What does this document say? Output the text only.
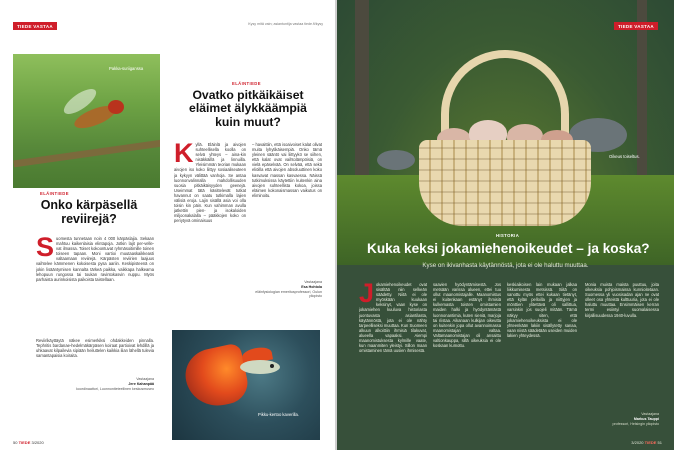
TIEDE VASTAA	Kysy mitä vain; asiantuntija vastaa tiede.fi/kysy
Pakka-suriiganssa
ELÄINTIEDE
Onko kärpäsellä reviirejä?
S uomesta tunnetaan noin 4 000 kärpäslajia. Sekaan mahtuu kaikenlaisia elintapoja. Jotkin lajit per-velle-vat ilmassa. Toiset kokoontuvat ryhmäsoitimille toinen toiseen tapaan. Moni vartioi muutaaskaikkeasti valtaamaan reviirejä. Kärpästen reviirien laajuus vaihtelee kämmenen kokoisesta pysa aariin. Keskipisteenä on jokin lisääntymisen kannalta tärkeä paikka, vaikkapa halkeama lehopuun rungossa tai toukan ravintokasvin nuppu. Myös parhaista aurinkoisista paikoista taistellaan.
Reviirikäyttäytä näkee esimerkiksi ohdakkeiden pinnalla. Tephritis bardanae-hedelmäkärpäsen koiraat partioivat lehdillä ja uhkaavat kilpailevia sipiään heiluttelen kaikkia ilian lähellä tulevia samantapaisia koiraita.
Vastaajana
Jere Kahanpää
koordinaattori, Luonnontieteellinen keskusmuseo
ELÄINTIEDE
Ovatko pitkäikäiset eläimet älykkäämpiä kuin muut?
K yllä. Eläinlä ja aivojen suhteellisella koolla on selvä yhteys – aina-kin nisäkkäillä ja linnuilla. Yleisimmän teorian mukaan aivojen iso koko liittyy sosiaaliseuteen ja kykyyn välittää vanhoja. Se antaa luonnonvalinnalla mahdollisuuden suosia pitkäikäisyyden geenejä. Useimmat tätä käsittelevät tutkat havannut on saatu tutkimalla lajien välisiä eroja. Lajin sisällä asia voi olla toisin kin päin. Kun vahimman avulla jatkettin pien- ja isokaloiden miljoonakalalla – pääkkojen koko on periytyvä ominaisuus
– havaittiin, että isoaivoiset kalat olivat muita lyhytikäisempiä. Onko tämä yleinen sääntö vai liittyykö se siihen, että kalat ovat vaihtolämpöisiä, on vielä epäselvää. On selvää, että sekä eliöilla että aivojen absoluuttinen koko kasvavat massan kasvaessa. Näissä tutkimuksissa käytettiin kuitenkin aina aivojen suhteellista kokoa, joissa eläimen kokonaismassan vaikutus on eliminoitu.
Vastaajana
Esa Hohtola
eläinfysiologian emeritusprofessori, Oulun yliopisto
Pikku-kertoo kaverilla.
50 TIEDE 3/2020
Oikeus toiseltus.
TIEDE VASTAA
HISTORIA
Kuka keksi jokamiehenoikeudet – ja koska?
Kyse on ikivanhasta käytännöstä, jota ei ole haluttu muuttaa.
J okamiehenoikeudet ovat sisältää niin selkeän säädetty. Niitä ei ole myöskään kuukaan keksinyt, vaan kyse on jokamiehen kuuluva historiasta juontuvasta asiantilasta, käytännöstä, jota ei ole nähty tarpeelliseksi muuttaa. Kun Suomeen alkuun alkoittiin ihmisiä tilakuvat, alueella vapaaksi. Aiempi maanomistuksesta kylmille vaate, kun maanmiten yleistyi. Sillon maan omistaminen tämä uusien ihmisestä.
saavien hyödyntämisestä. Jos metsään varissa alueen, ettei tuu ollut maanomistajalle. Maanomistus ei kuitenkaan estänyt ihmisiä kulkemasta toisten omistamien maiden halki ja hyödyntämästä luonnonantimia, kuten sieniä, marjoja tai riistaa. Aikanaan kulkijan oikeutta on kuitenkin jopa ollut avannoimassa maanomistajan valtaa. Valtamaanomistajan oli ansaittu valtionkauppa, sillä oikeuksia ei ole koskaan kumottu.
keskiaikoisen lain mukaan jalkaa liikkumisesta metsissä. Siitä on sanottu myös ettei kukaan tietänyt, että kylän pelloilla ja niittyjen ja mönttien ylitettävä oli sallittua, varsinkin jos suojeli mitään. Tämä näkyy siten, että jokamiehenoikeuksista ei ole yhteenkään lakiin sisällytetty sanaa, vaan niistä säädetään useiden muiden lakien yhteydessä.
Monia muista maista puuttuu, joita oikeuksia pohjoismaissa kunnioitetaan. Suomessa yli vuosisadan ajan ne ovat olleet osa yhteistä kulttuuria, jota ei ole haluttu muuttaa. Ensimmäisen kerran termi esiintyi suomalaisessa kirjallisuudessa 1940-luvulla.
Vastaajana
Markus Tauppi
professori, Helsingin yliopisto
3/2020 TIEDE 51
